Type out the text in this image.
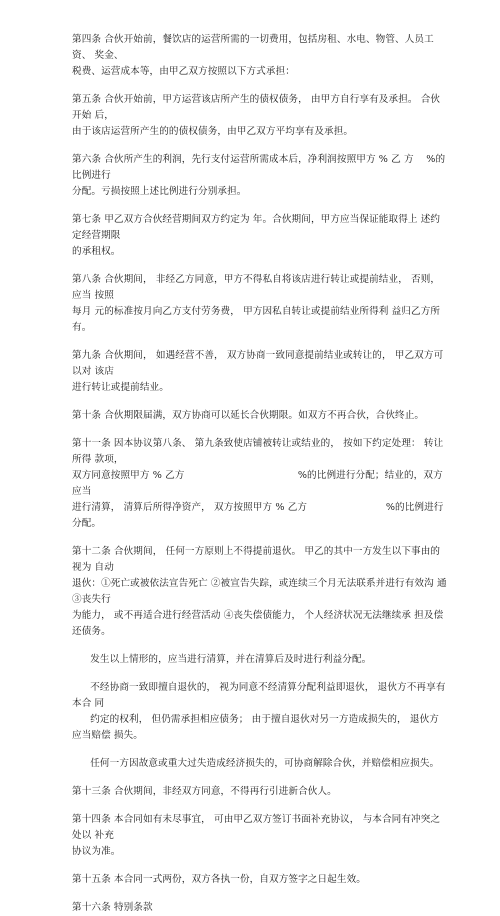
第四条 合伙开始前，餐饮店的运营所需的一切费用，包括房租、水电、物管、人员工资、 奖金、
税费、运营成本等，由甲乙双方按照以下方式承担：

第五条 合伙开始前，甲方运营该店所产生的债权债务， 由甲方自行享有及承担。 合伙开始 后，
由于该店运营所产生的的债权债务，由甲乙双方平均享有及承担。

第六条 合伙所产生的利润，先行支付运营所需成本后，净利润按照甲方 % 乙 方    %的比例进行
分配。亏损按照上述比例进行分别承担。

第七条 甲乙双方合伙经营期间双方约定为 年。合伙期间，甲方应当保证能取得上 述约定经营期限
的承租权。

第八条 合伙期间， 非经乙方同意，甲方不得私自将该店进行转让或提前结业， 否则，应当 按照
每月 元的标准按月向乙方支付劳务费， 甲方因私自转让或提前结业所得利 益归乙方所有。

第九条 合伙期间， 如遇经营不善， 双方协商一致同意提前结业或转让的， 甲乙双方可以对 该店
进行转让或提前结业。

第十条 合伙期限届满，双方协商可以延长合伙期限。如双方不再合伙，合伙终止。

第十一条 因本协议第八条、 第九条致使店铺被转让或结业的， 按如下约定处理： 转让所得 款项，
双方同意按照甲方 % 乙方                                    %的比例进行分配；结业的，双方应当
进行清算， 清算后所得净资产， 双方按照甲方 % 乙方                         %的比例进行分配。

第十二条 合伙期间， 任何一方原则上不得提前退伙。 甲乙的其中一方发生以下事由的视为 自动
退伙：①死亡或被依法宣告死亡 ②被宣告失踪，或连续三个月无法联系并进行有效沟 通 ③丧失行
为能力， 或不再适合进行经营活动 ④丧失偿债能力， 个人经济状况无法继续承 担及偿还债务。

发生以上情形的，应当进行清算，并在清算后及时进行利益分配。

不经协商一致即擅自退伙的， 视为同意不经清算分配利益即退伙， 退伙方不再享有本合 同
约定的权利， 但仍需承担相应债务； 由于擅自退伙对另一方造成损失的， 退伙方应当赔偿 损失。

任何一方因故意或重大过失造成经济损失的，可协商解除合伙，并赔偿相应损失。

第十三条 合伙期间，非经双方同意，不得再行引进新合伙人。

第十四条 本合同如有未尽事宜， 可由甲乙双方签订书面补充协议， 与本合同有冲突之处以 补充
协议为准。

第十五条 本合同一式两份，双方各执一份，自双方签字之日起生效。

第十六条 特别条款
